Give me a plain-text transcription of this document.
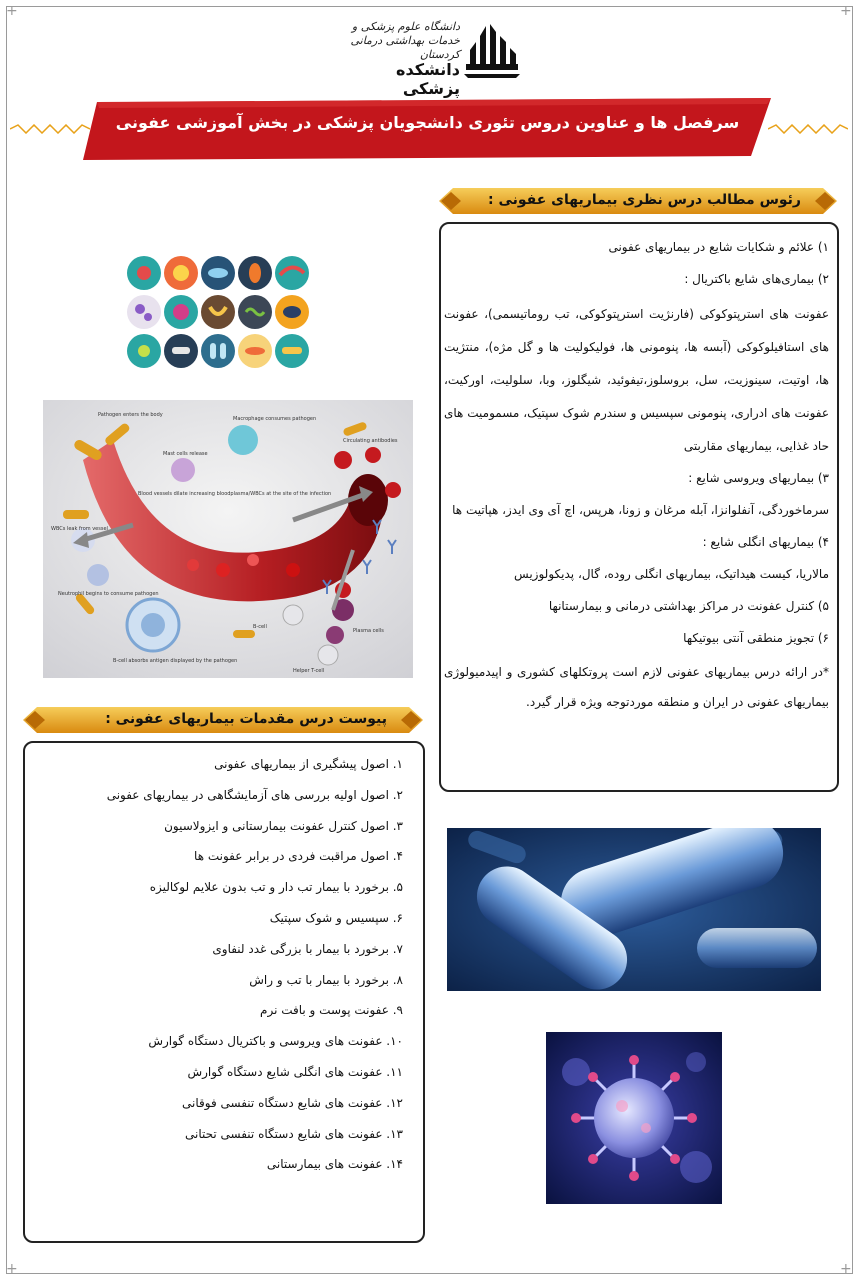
+	+
+	+
دانشگاه علوم پزشکی و خدمات بهداشتی درمانی کردستان
دانشکده پزشکی
سرفصل ها و عناوین دروس تئوری دانشجویان پزشکی در بخش آموزشی عفونی
رئوس مطالب درس نظری بیماریهای عفونی :

۱) علائم و شکایات شایع در بیماریهای عفونی

۲) بیماری‌های شایع باکتریال :

عفونت های استرپتوکوکی (فارنژیت استرپتوکوکی، تب روماتیسمی)، عفونت های استافیلوکوکی (آبسه ها، پنومونی ها، فولیکولیت ها و گل مژه)، منتژیت ها، اوتیت، سینوزیت، سل، بروسلوز،تیفوئید، شیگلوز، وبا، سلولیت، اورکیت، عفونت های ادراری، پنومونی سپسیس و سندرم شوک سپتیک، مسمومیت های حاد غذایی، بیماریهای مقاربتی

۳) بیماریهای ویروسی شایع :

سرماخوردگی، آنفلوانزا، آبله مرغان و زونا، هرپس، اچ آی وی ایدز، هپاتیت ها

۴) بیماریهای انگلی شایع :

مالاریا، کیست هیداتیک، بیماریهای انگلی روده، گال، پدیکولوزیس

۵) کنترل عفونت در مراکز بهداشتی درمانی و بیمارستانها

۶) تجویز منطقی آنتی بیوتیکها

*در ارائه درس بیماریهای عفونی لازم است پروتکلهای کشوری و اپیدمیولوژی بیماریهای عفونی در ایران و منطقه موردتوجه ویژه قرار گیرد.

Pathogen enters the body
Mast cells release
Macrophage consumes pathogen
Blood vessels dilate increasing bloodplasma/WBCs at the site of the infection
Circulating antibodies
WBCs leak from vessel
Neutrophil begins to consume pathogen
B-cell
Plasma cells
B-cell absorbs antigen displayed by the pathogen
Helper T-cell
پیوست درس مقدمات بیماریهای عفونی :
۱. اصول پیشگیری از بیماریهای عفونی
۲. اصول اولیه بررسی های آزمایشگاهی در بیماریهای عفونی
۳. اصول کنترل عفونت بیمارستانی و ایزولاسیون
۴. اصول مراقبت فردی در برابر عفونت ها
۵. برخورد با بیمار تب دار و تب بدون علایم لوکالیزه
۶. سپسیس و شوک سپتیک
۷. برخورد با بیمار با بزرگی غدد لنفاوی
۸. برخورد با بیمار با تب و راش
۹. عفونت پوست و بافت نرم
۱۰. عفونت های ویروسی و باکتریال دستگاه گوارش
۱۱. عفونت های انگلی شایع دستگاه گوارش
۱۲. عفونت های شایع دستگاه تنفسی فوقانی
۱۳. عفونت های شایع دستگاه تنفسی تحتانی
۱۴. عفونت های بیمارستانی
